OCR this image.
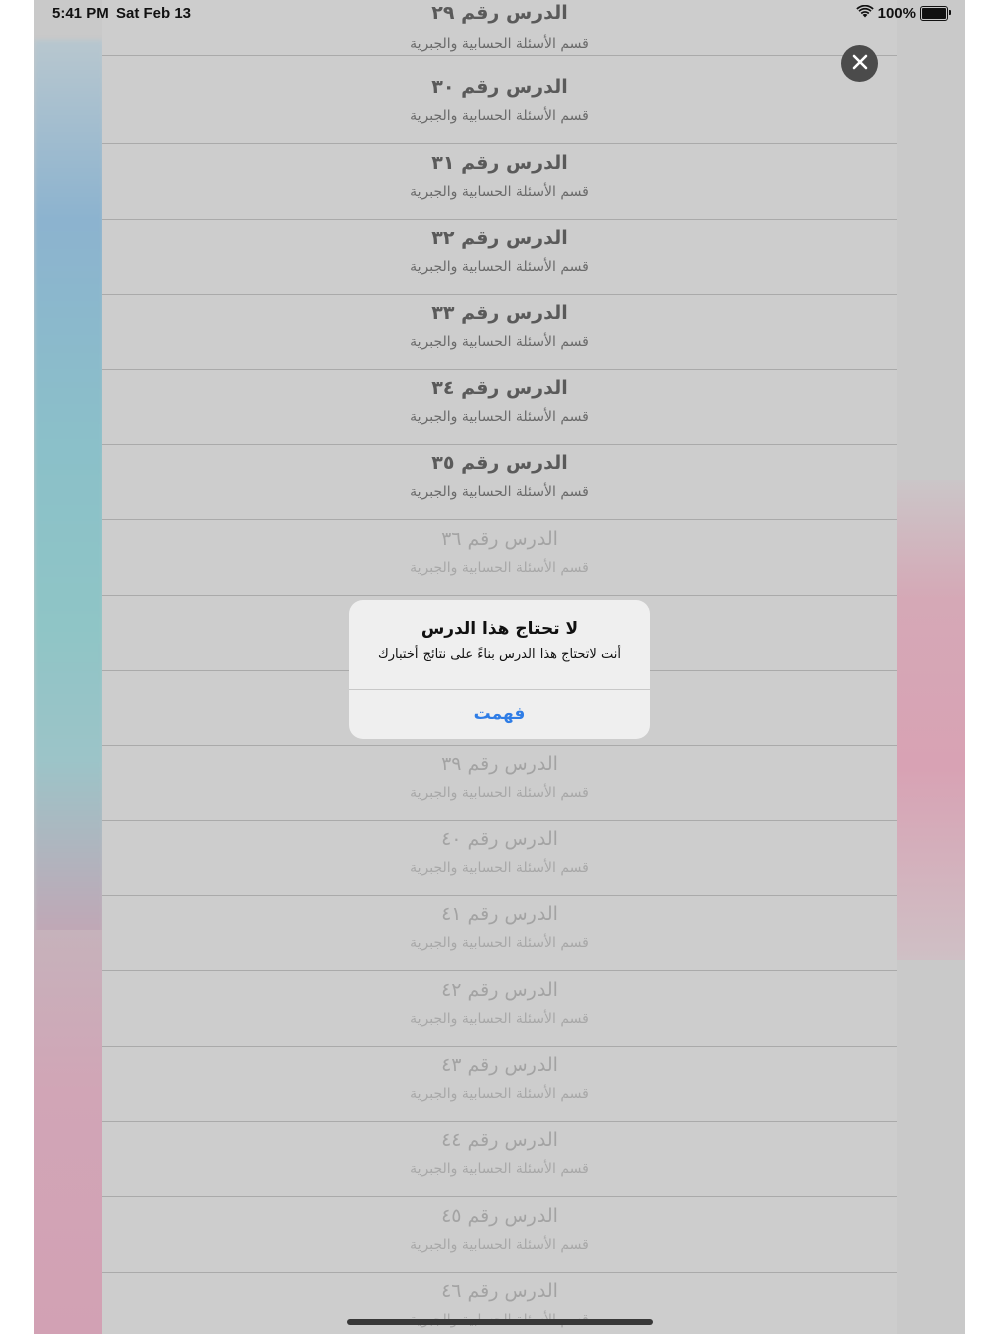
الدرس رقم ٢٩
قسم الأسئلة الحسابية والجبرية
الدرس رقم ٣٠
قسم الأسئلة الحسابية والجبرية
الدرس رقم ٣١
قسم الأسئلة الحسابية والجبرية
الدرس رقم ٣٢
قسم الأسئلة الحسابية والجبرية
الدرس رقم ٣٣
قسم الأسئلة الحسابية والجبرية
الدرس رقم ٣٤
قسم الأسئلة الحسابية والجبرية
الدرس رقم ٣٥
قسم الأسئلة الحسابية والجبرية
الدرس رقم ٣٦
قسم الأسئلة الحسابية والجبرية
الدرس رقم ٣٩
قسم الأسئلة الحسابية والجبرية
الدرس رقم ٤٠
قسم الأسئلة الحسابية والجبرية
الدرس رقم ٤١
قسم الأسئلة الحسابية والجبرية
الدرس رقم ٤٢
قسم الأسئلة الحسابية والجبرية
الدرس رقم ٤٣
قسم الأسئلة الحسابية والجبرية
الدرس رقم ٤٤
قسم الأسئلة الحسابية والجبرية
الدرس رقم ٤٥
قسم الأسئلة الحسابية والجبرية
الدرس رقم ٤٦
5:41 PM Sat Feb 13	100%
لا تحتاج هذا الدرس
أنت لاتحتاج هذا الدرس بناءً على نتائج أختبارك
فهمت
